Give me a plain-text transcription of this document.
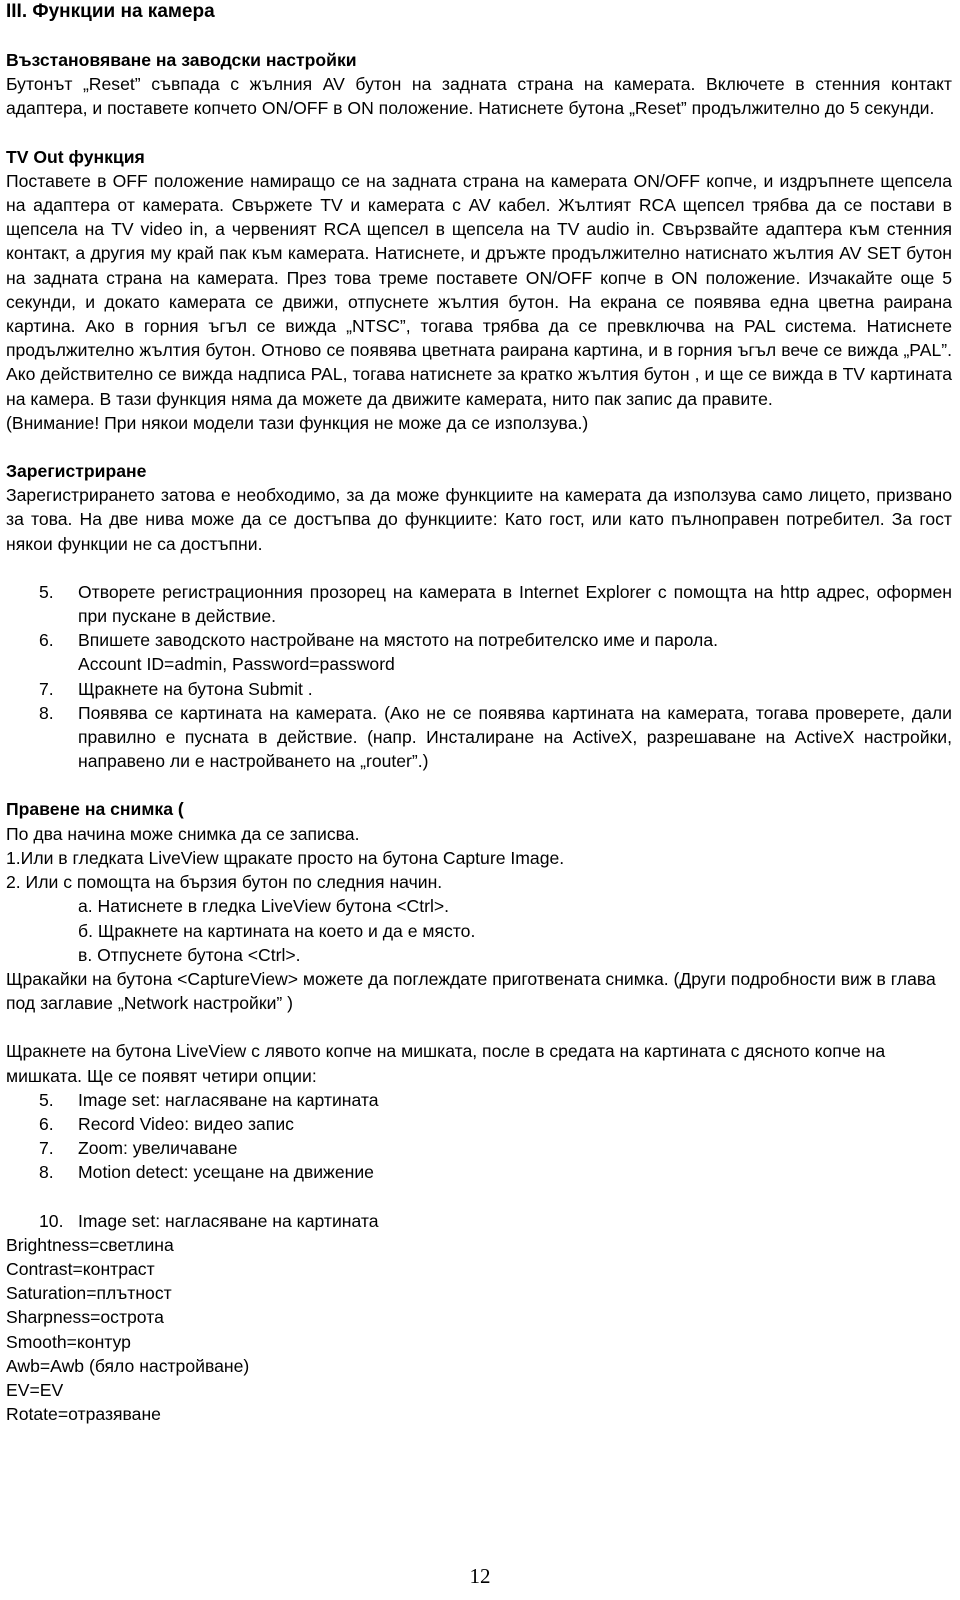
III. Функции на камера
Възстановяване на заводски настройки

Бутонът „Reset” съвпада с жълния AV бутон на задната страна на камерата. Включете в стенния контакт адаптера, и поставете копчето ON/OFF в ON положение. Натиснете бутона „Reset” продължително до 5 секунди.

TV Out функция

Поставете в OFF положение намиращо се на задната страна на камерата ON/OFF копче, и издръпнете щепсела на адаптера от камерата. Свържете TV и камерата с AV кабел. Жълтият RCA щепсел трябва да се постави в щепсела на TV video in, а червеният RCA щепсел в щепсела на TV audio in. Свързвайте адаптера към стенния контакт, а другия му край пак към камерата. Натиснете, и дръжте продължително натиснато жълтия AV SET бутон на задната страна на камерата. През това треме поставете ON/OFF копче в ON положение. Изчакайте още 5 секунди, и докато камерата се движи, отпуснете жълтия бутон. На екрана се появява една цветна раирана картина. Ако в горния ъгъл се вижда „NTSC”, тогава трябва да се превключва на PAL система. Натиснете продължително жълтия бутон. Отново се появява цветната раирана картина, и в горния ъгъл вече се вижда „PAL”. Ако действително се вижда надписа PAL, тогава натиснете за кратко жълтия бутон , и ще се вижда в TV картината на камера. В тази функция няма да можете да движите камерата, нито пак запис да правите.

(Внимание! При някои модели тази функция не може да се използува.)

Зарегистриране

Зарегистрирането затова е необходимо, за да може функциите на камерата да използува само лицето, призвано за това. На две нива може да се достъпва до функциите: Като гост, или като пълноправен потребител. За гост някои функции не са достъпни.

5. Отворете регистрационния прозорец на камерата в Internet Explorer с помощта на http адрес, оформен при пускане в действие.
6. Впишете заводското настройване на мястото на потребителско име и парола.
Account ID=admin, Password=password
7. Щракнете на бутона Submit .
8. Появява се картината на камерата. (Ако не се появява картината на камерата, тогава проверете, дали правилно е пусната в действие. (напр. Инсталиране на ActiveX, разрешаване на ActiveX настройки, направено ли е настройването на „router”.)
Правене на снимка (

По два начина може снимка да се записва.

1.Или в гледката LiveView щракате просто на бутона Capture Image.

2. Или с помощта на бързия бутон по следния начин.

а. Натиснете в гледка LiveView бутона <Ctrl>.

б. Щракнете на картината на което и да е място.

в. Отпуснете бутона <Ctrl>.

Щракайки на бутона <CaptureView> можете да поглеждате приготвената снимка. (Други подробности виж в глава под заглавие „Network настройки” )

Щракнете на бутона LiveView с лявото копче на мишката, после в средата на картината с дясното копче на мишката. Ще се появят четири опции:

5. Image set: нагласяване на картината
6. Record Video: видео запис
7. Zoom: увеличаване
8. Motion detect: усещане на движение
10. Image set: нагласяване на картината

Brightness=светлина

Contrast=контраст

Saturation=плътност

Sharpness=острота

Smooth=контур

Awb=Awb (бяло настройване)

EV=EV

Rotate=отразяване

12
